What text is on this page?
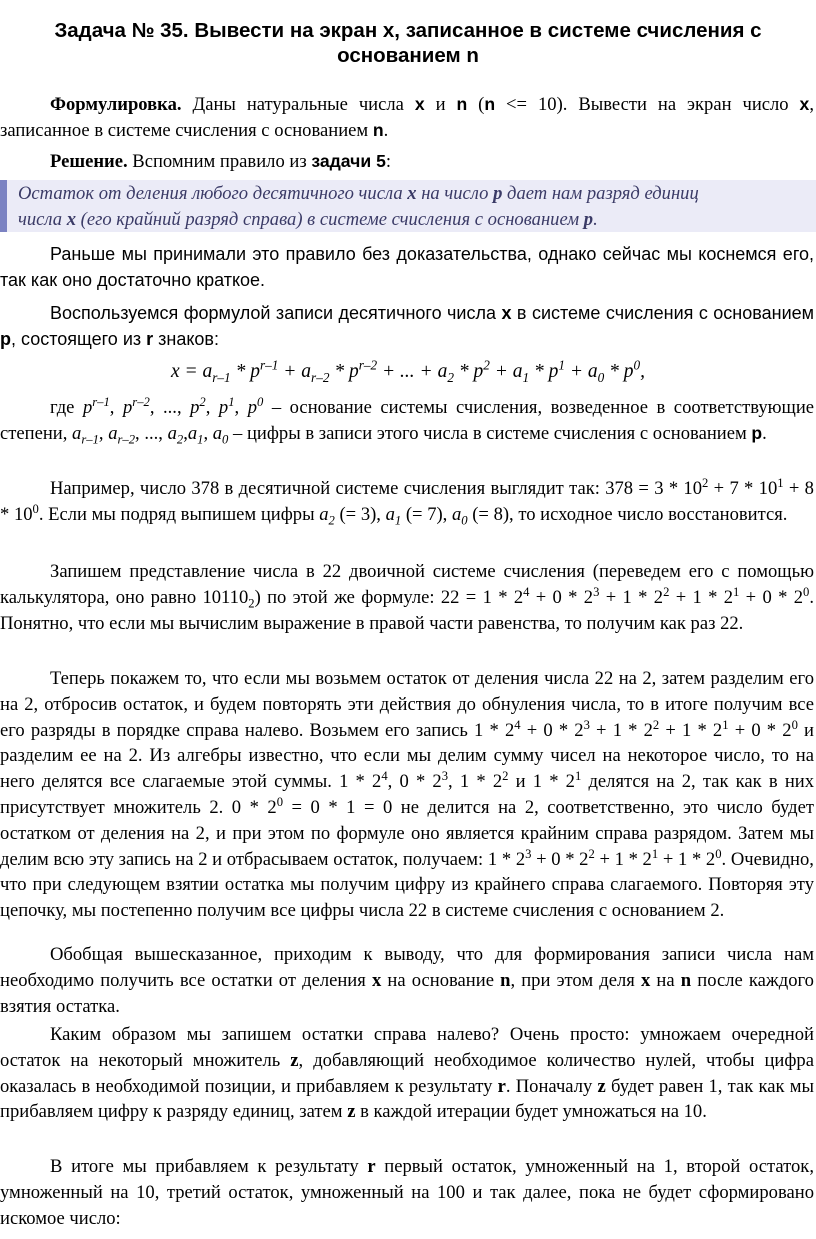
Задача № 35. Вывести на экран x, записанное в системе счисления с
основанием n

Формулировка. Даны натуральные числа x и n (n <= 10). Вывести на экран число x, записанное в системе счисления с основанием n.

Решение. Вспомним правило из задачи 5:

Остаток от деления любого десятичного числа x на число p дает нам разряд единиц
числа x (его крайний разряд справа) в системе счисления с основанием p.

Раньше мы принимали это правило без доказательства, однако сейчас мы коснемся его, так как оно достаточно краткое.

Воспользуемся формулой записи десятичного числа x в системе счисления с основанием p, состоящего из r знаков:

$x = a_{r-1} * p^{r-1} + a_{r-2} * p^{r-2}$ + ... + $a_2 * p^2 + a_1 * p^1 + a_0 * p^0$,

где $p^{r-1}$, $p^{r-2}$, ..., $p^2$, $p^1$, $p^0$ – основание системы счисления, возведенное в соответствующие степени, $a_{r-1}$, $a_{r-2}$, ..., $a_2,a_1$, $a_0$ – цифры в записи этого числа в системе счисления с основанием p.

Например, число 378 в десятичной системе счисления выглядит так: $378 = 3 * 10^2 + 7 * 10^1 + 8 * 10^0$. Если мы подряд выпишем цифры $a_2$ (= 3), $a_1$ (= 7), $a_0$ (= 8), то исходное число восстановится.

Запишем представление числа в 22 двоичной системе счисления (переведем его с помощью калькулятора, оно равно $10110_2$) по этой же формуле: $22 = 1 * 2^4 + 0 * 2^3 + 1 * 2^2 + 1 * 2^1 + 0 * 2^0$. Понятно, что если мы вычислим выражение в правой части равенства, то получим как раз 22.

Теперь покажем то, что если мы возьмем остаток от деления числа 22 на 2, затем разделим его на 2, отбросив остаток, и будем повторять эти действия до обнуления числа, то в итоге получим все его разряды в порядке справа налево. Возьмем его запись $1 * 2^4 + 0 * 2^3 + 1 * 2^2 + 1 * 2^1 + 0 * 2^0$ и разделим ее на 2. Из алгебры известно, что если мы делим сумму чисел на некоторое число, то на него делятся все слагаемые этой суммы. $1 * 2^4$, $0 * 2^3$, $1 * 2^2$ и $1 * 2^1$ делятся на 2, так как в них присутствует множитель 2. $0 * 2^0 = 0 * 1 = 0$ не делится на 2, соответственно, это число будет остатком от деления на 2, и при этом по формуле оно является крайним справа разрядом. Затем мы делим всю эту запись на 2 и отбрасываем остаток, получаем: $1 * 2^3 + 0 * 2^2 + 1 * 2^1 + 1 * 2^0$. Очевидно, что при следующем взятии остатка мы получим цифру из крайнего справа слагаемого. Повторяя эту цепочку, мы постепенно получим все цифры числа 22 в системе счисления с основанием 2.

Обобщая вышесказанное, приходим к выводу, что для формирования записи числа нам необходимо получить все остатки от деления x на основание n, при этом деля x на n после каждого взятия остатка.

Каким образом мы запишем остатки справа налево? Очень просто: умножаем очередной остаток на некоторый множитель z, добавляющий необходимое количество нулей, чтобы цифра оказалась в необходимой позиции, и прибавляем к результату r. Поначалу z будет равен 1, так как мы прибавляем цифру к разряду единиц, затем z в каждой итерации будет умножаться на 10.

В итоге мы прибавляем к результату r первый остаток, умноженный на 1, второй остаток, умноженный на 10, третий остаток, умноженный на 100 и так далее, пока не будет сформировано искомое число:
